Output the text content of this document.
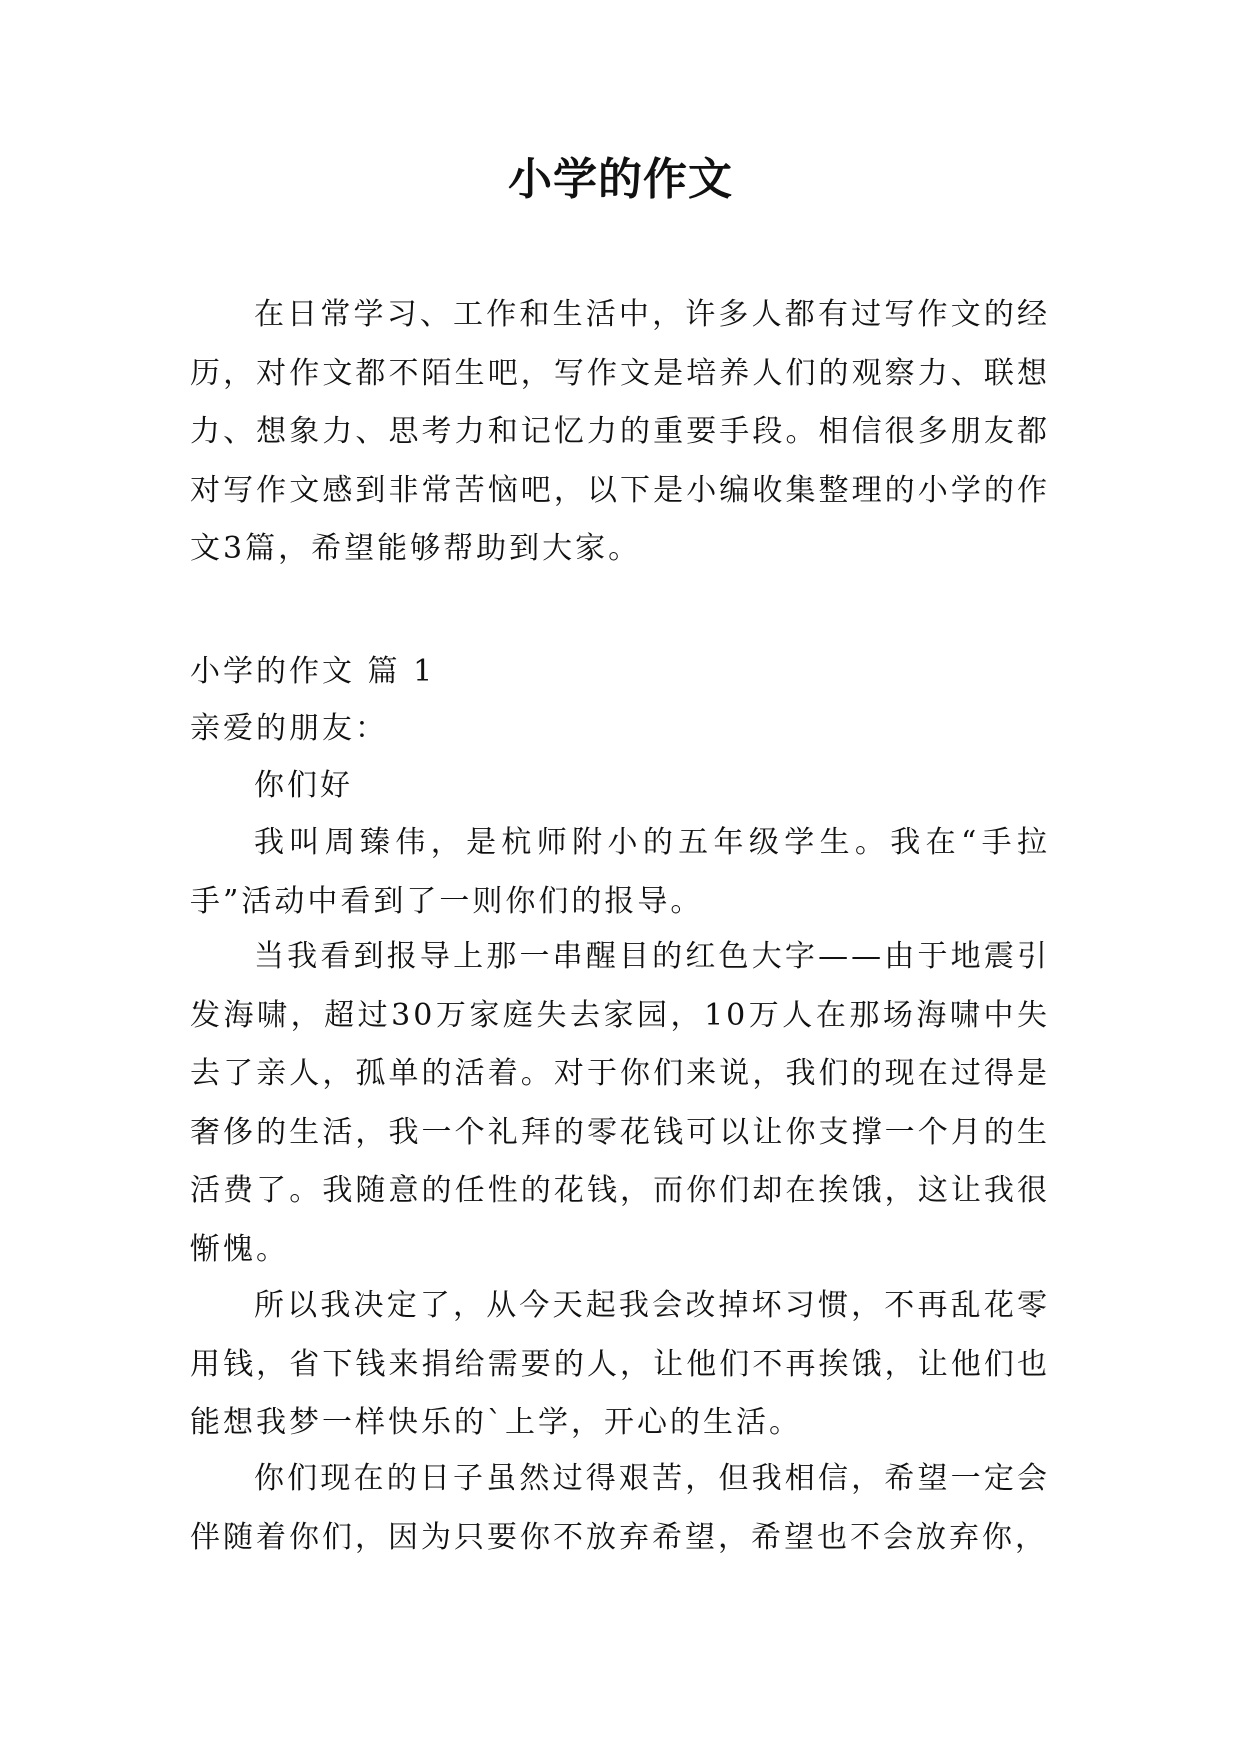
小学的作文

在日常学习、工作和生活中，许多人都有过写作文的经历，对作文都不陌生吧，写作文是培养人们的观察力、联想力、想象力、思考力和记忆力的重要手段。相信很多朋友都对写作文感到非常苦恼吧，以下是小编收集整理的小学的作文3篇，希望能够帮助到大家。

小学的作文 篇 1

亲爱的朋友：

你们好

我叫周臻伟，是杭师附小的五年级学生。我在“手拉手”活动中看到了一则你们的报导。

当我看到报导上那一串醒目的红色大字——由于地震引发海啸，超过30万家庭失去家园，10万人在那场海啸中失去了亲人，孤单的活着。对于你们来说，我们的现在过得是奢侈的生活，我一个礼拜的零花钱可以让你支撑一个月的生活费了。我随意的任性的花钱，而你们却在挨饿，这让我很惭愧。

所以我决定了，从今天起我会改掉坏习惯，不再乱花零用钱，省下钱来捐给需要的人，让他们不再挨饿，让他们也能想我梦一样快乐的`上学，开心的生活。

你们现在的日子虽然过得艰苦，但我相信，希望一定会伴随着你们，因为只要你不放弃希望，希望也不会放弃你，
